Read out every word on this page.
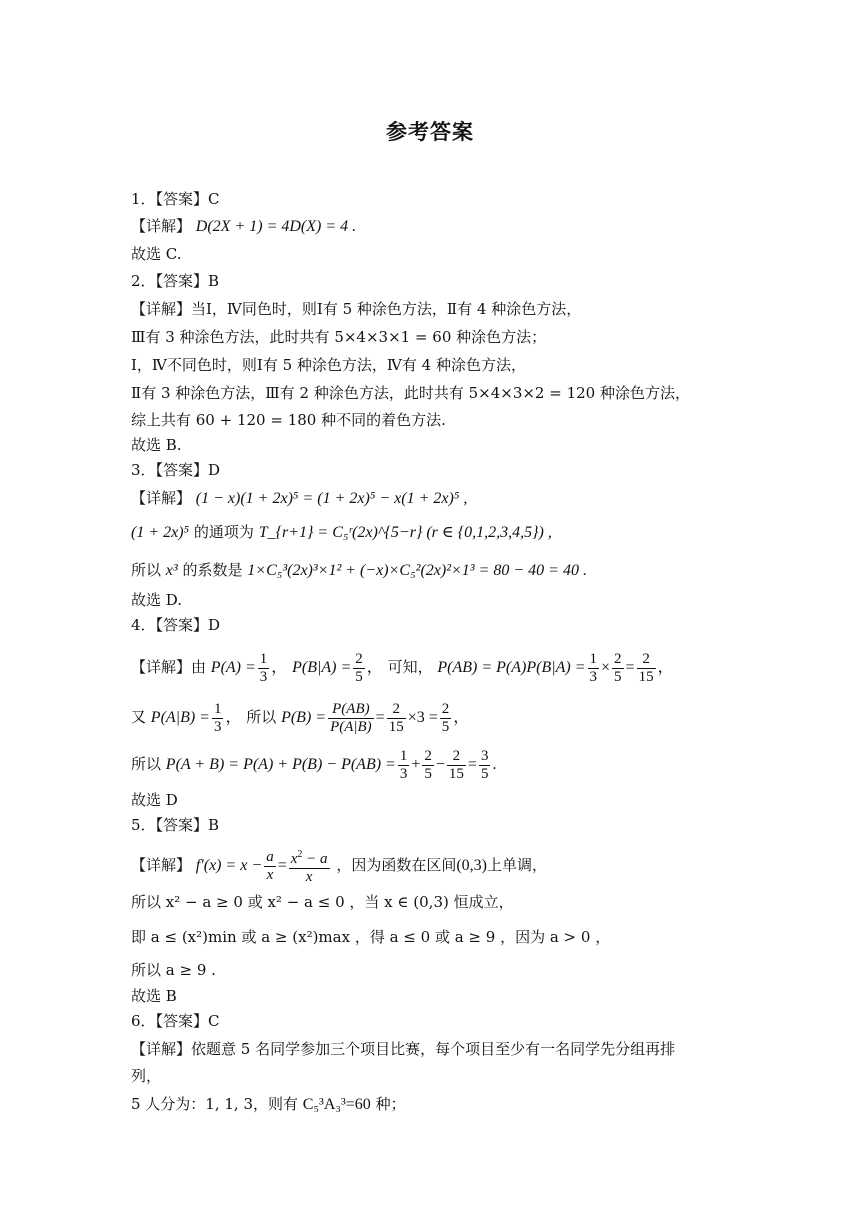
参考答案
1．【答案】C
【详解】 D(2X + 1) = 4D(X) = 4 .
故选 C.
2．【答案】B
【详解】当Ⅰ，Ⅳ同色时，则Ⅰ有 5 种涂色方法，Ⅱ有 4 种涂色方法，
Ⅲ有 3 种涂色方法，此时共有 5×4×3×1 = 60 种涂色方法；
Ⅰ，Ⅳ不同色时，则Ⅰ有 5 种涂色方法，Ⅳ有 4 种涂色方法，
Ⅱ有 3 种涂色方法，Ⅲ有 2 种涂色方法，此时共有 5×4×3×2 = 120 种涂色方法，
综上共有 60 + 120 = 180 种不同的着色方法.
故选 B.
3．【答案】D
【详解】 (1 − x)(1 + 2x)⁵ = (1 + 2x)⁵ − x(1 + 2x)⁵ ,
(1 + 2x)⁵ 的通项为 T_{r+1} = C₅ʳ(2x)^{5−r} (r ∈ {0,1,2,3,4,5}) ,
所以 x³ 的系数是 1×C₅³(2x)³×1² + (−x)×C₅²(2x)²×1³ = 80 − 40 = 40 .
故选 D.
4．【答案】D
【详解】由 $P(A) = \frac{1}{3}$ ， $P(B|A) = \frac{2}{5}$ ， 可知， $P(AB) = P(A)P(B|A) = \frac{1}{3} \times \frac{2}{5} = \frac{2}{15}$ ，
又 $P(A|B) = \frac{1}{3}$ ， 所以 $P(B) = \frac{P(AB)}{P(A|B)} = \frac{2}{15} \times 3 = \frac{2}{5}$ ，
所以 $P(A + B) = P(A) + P(B) - P(AB) = \frac{1}{3} + \frac{2}{5} - \frac{2}{15} = \frac{3}{5}$ .
故选 D
5．【答案】B
【详解】 $f'(x) = x - \frac{a}{x} = \frac{x^2 - a}{x}$ ，因为函数在区间(0,3)上单调，
所以 x² − a ≥ 0 或 x² − a ≤ 0 ，当 x ∈ (0,3) 恒成立，
即 a ≤ (x²)min 或 a ≥ (x²)max ，得 a ≤ 0 或 a ≥ 9 ，因为 a > 0 ，
所以 a ≥ 9 .
故选 B
6．【答案】C
【详解】依题意 5 名同学参加三个项目比赛，每个项目至少有一名同学先分组再排
列，
5 人分为：1, 1, 3，则有 C₅³A₃³=60 种；
